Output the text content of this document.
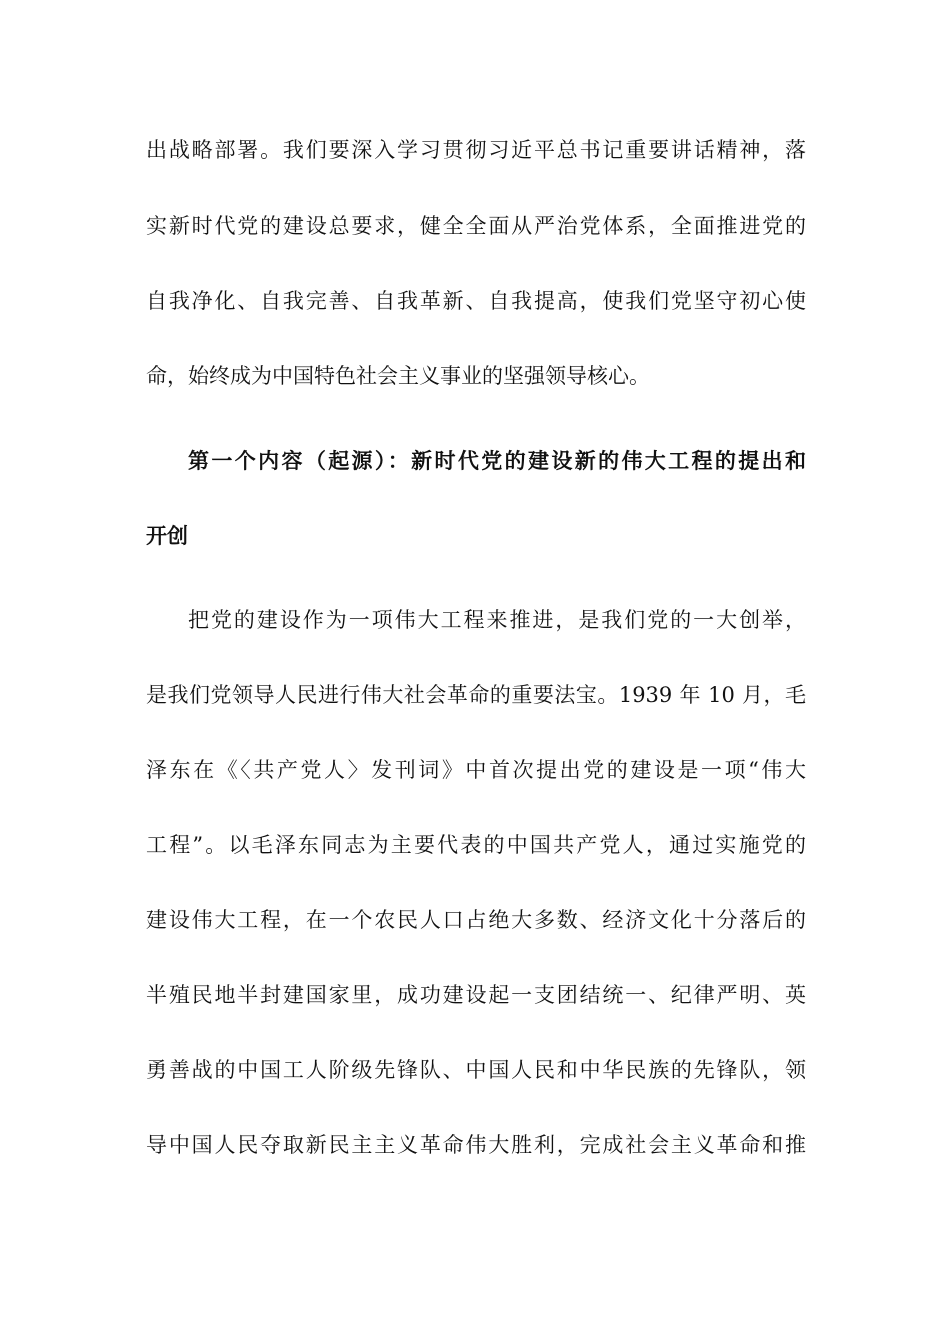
出战略部署。我们要深入学习贯彻习近平总书记重要讲话精神，落
实新时代党的建设总要求，健全全面从严治党体系，全面推进党的
自我净化、自我完善、自我革新、自我提高，使我们党坚守初心使
命，始终成为中国特色社会主义事业的坚强领导核心。
第一个内容（起源）：新时代党的建设新的伟大工程的提出和
开创
把党的建设作为一项伟大工程来推进，是我们党的一大创举，
是我们党领导人民进行伟大社会革命的重要法宝。1939 年 10 月，毛
泽东在《〈共产党人〉发刊词》中首次提出党的建设是一项“伟大
工程”。以毛泽东同志为主要代表的中国共产党人，通过实施党的
建设伟大工程，在一个农民人口占绝大多数、经济文化十分落后的
半殖民地半封建国家里，成功建设起一支团结统一、纪律严明、英
勇善战的中国工人阶级先锋队、中国人民和中华民族的先锋队，领
导中国人民夺取新民主主义革命伟大胜利，完成社会主义革命和推
